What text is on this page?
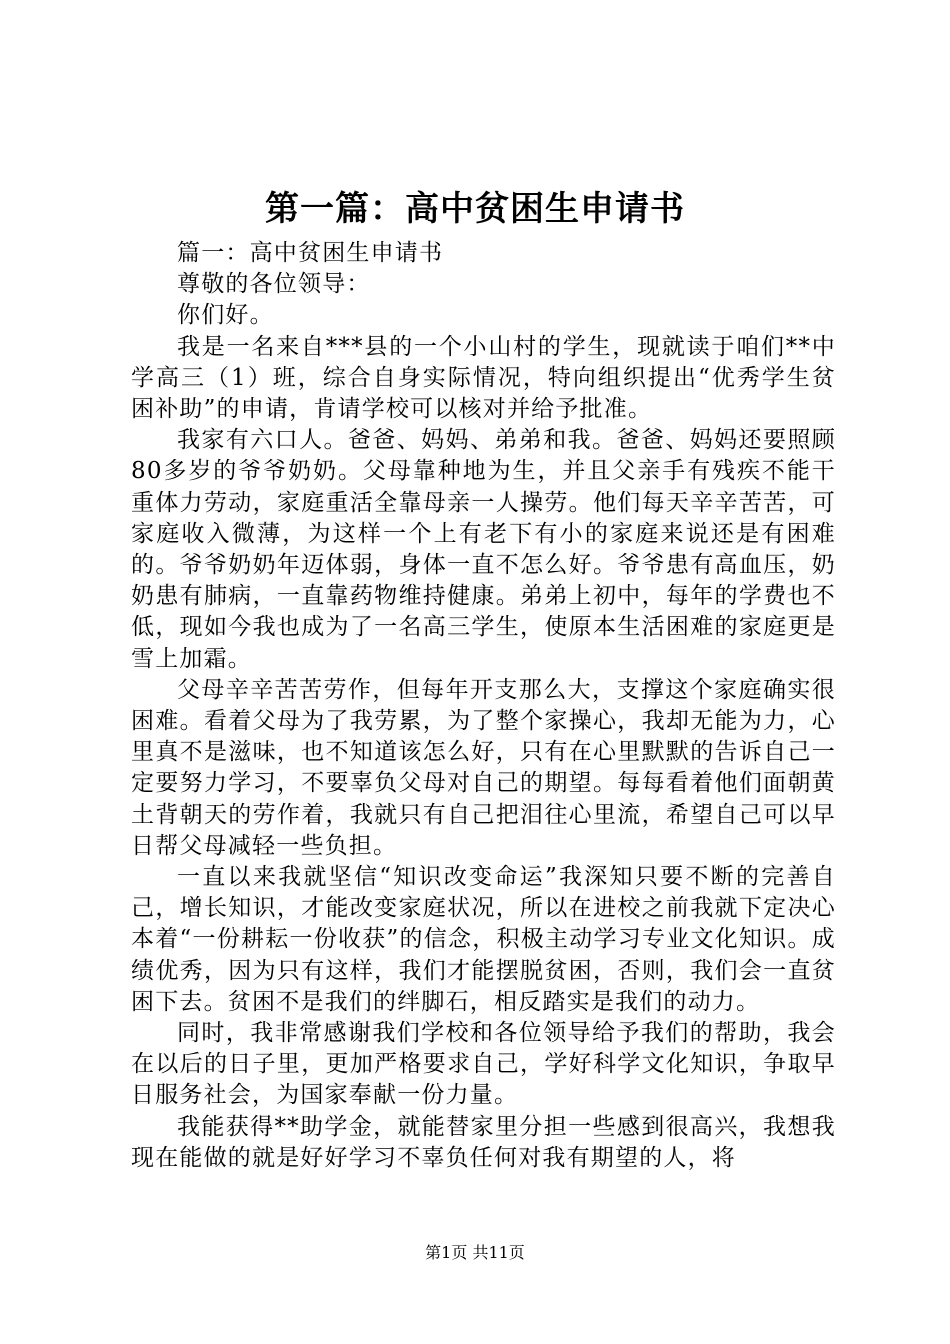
第一篇：高中贫困生申请书

篇一：高中贫困生申请书

尊敬的各位领导：

你们好。

我是一名来自***县的一个小山村的学生，现就读于咱们**中学高三（1）班，综合自身实际情况，特向组织提出“优秀学生贫困补助”的申请，肯请学校可以核对并给予批准。

我家有六口人。爸爸、妈妈、弟弟和我。爸爸、妈妈还要照顾80多岁的爷爷奶奶。父母靠种地为生，并且父亲手有残疾不能干重体力劳动，家庭重活全靠母亲一人操劳。他们每天辛辛苦苦，可家庭收入微薄，为这样一个上有老下有小的家庭来说还是有困难的。爷爷奶奶年迈体弱，身体一直不怎么好。爷爷患有高血压，奶奶患有肺病，一直靠药物维持健康。弟弟上初中，每年的学费也不低，现如今我也成为了一名高三学生，使原本生活困难的家庭更是雪上加霜。

父母辛辛苦苦劳作，但每年开支那么大，支撑这个家庭确实很困难。看着父母为了我劳累，为了整个家操心，我却无能为力，心里真不是滋味，也不知道该怎么好，只有在心里默默的告诉自己一定要努力学习，不要辜负父母对自己的期望。每每看着他们面朝黄土背朝天的劳作着，我就只有自己把泪往心里流，希望自己可以早日帮父母减轻一些负担。

一直以来我就坚信“知识改变命运”我深知只要不断的完善自己，增长知识，才能改变家庭状况，所以在进校之前我就下定决心本着“一份耕耘一份收获”的信念，积极主动学习专业文化知识。成绩优秀，因为只有这样，我们才能摆脱贫困，否则，我们会一直贫困下去。贫困不是我们的绊脚石，相反踏实是我们的动力。

同时，我非常感谢我们学校和各位领导给予我们的帮助，我会在以后的日子里，更加严格要求自己，学好科学文化知识，争取早日服务社会，为国家奉献一份力量。

我能获得**助学金，就能替家里分担一些感到很高兴，我想我现在能做的就是好好学习不辜负任何对我有期望的人，将

第1页 共11页
